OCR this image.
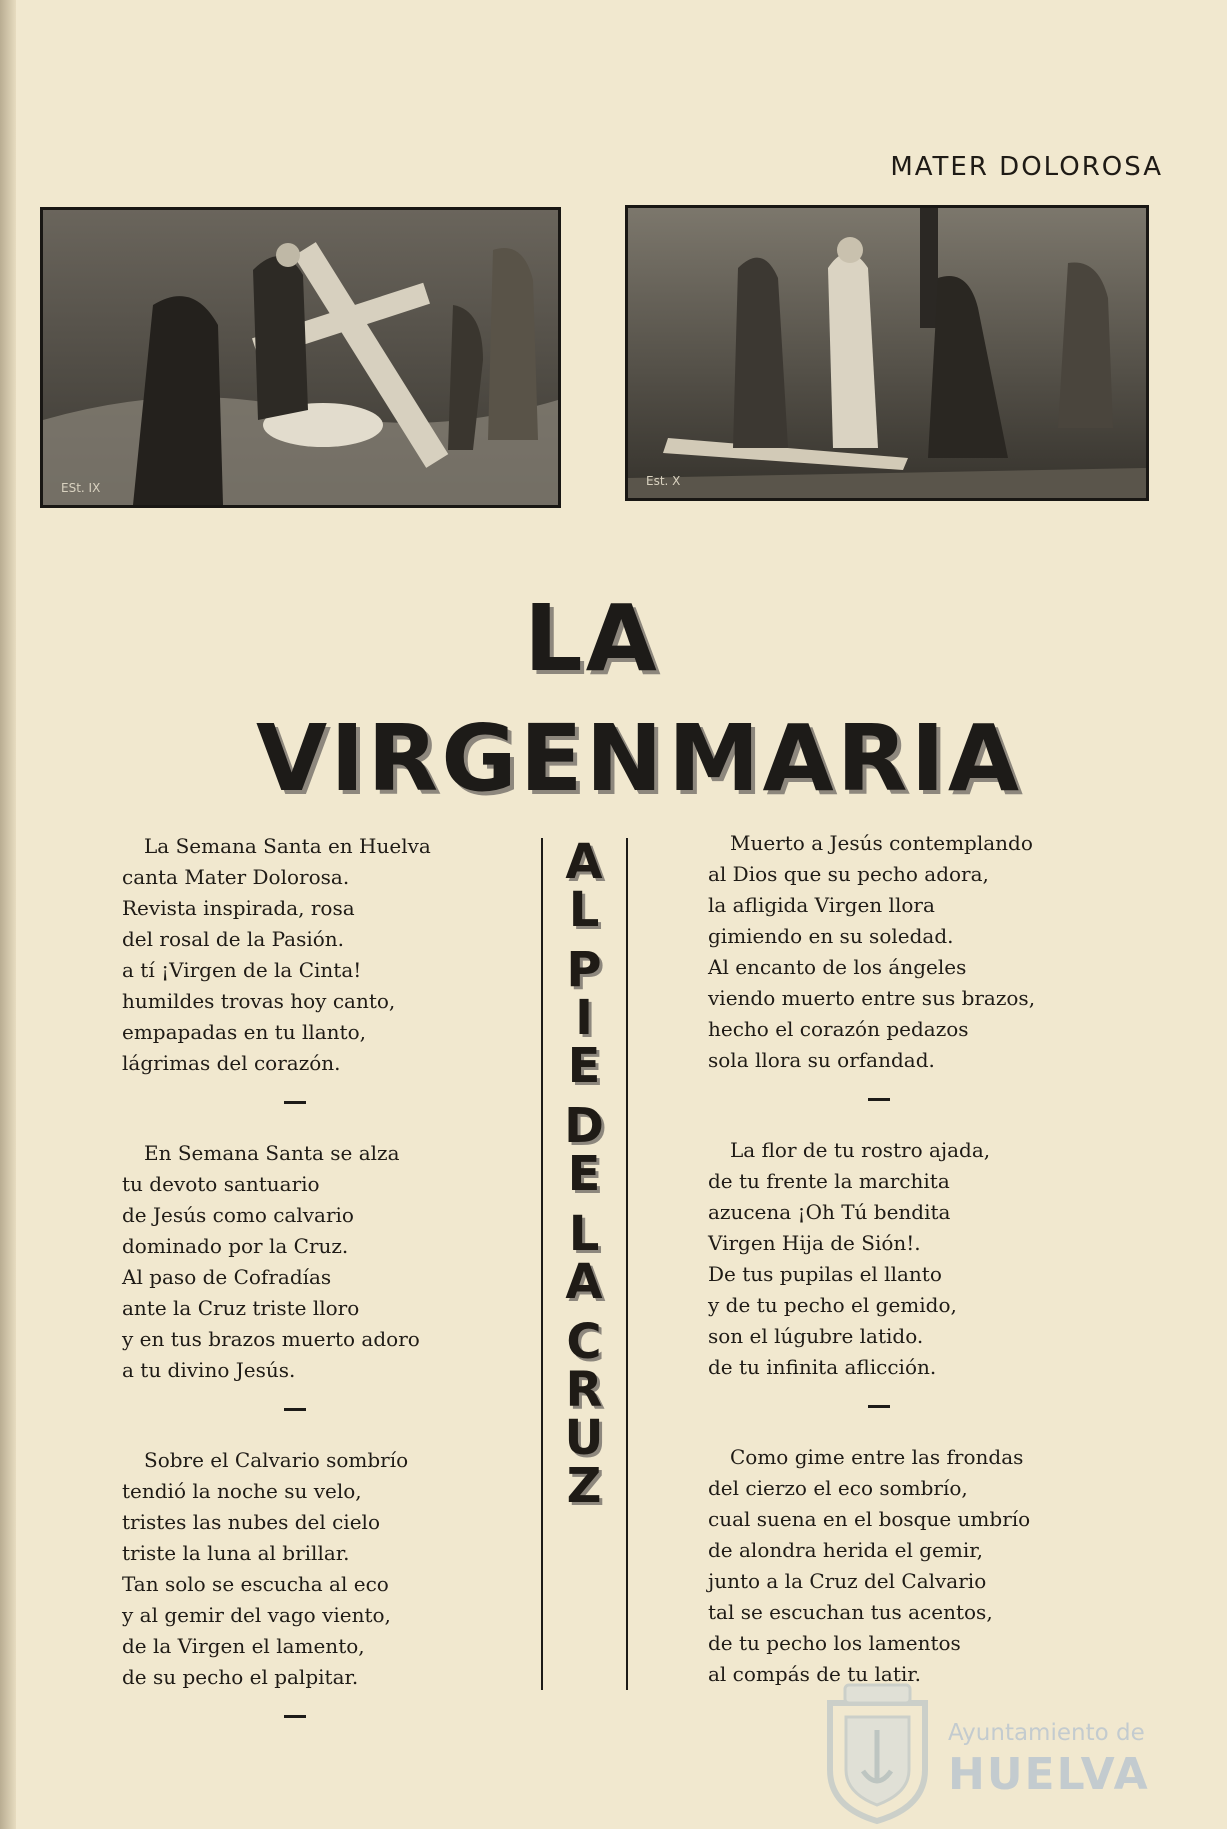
MATER DOLOROSA
ESt. IX	Est. X
LA
VIRGEN MARIA
A
L
P
I
E
D
E
L
A
C
R
U
Z
La Semana Santa en Huelva
canta Mater Dolorosa.
Revista inspirada, rosa
del rosal de la Pasión.
a tí ¡Virgen de la Cinta!
humildes trovas hoy canto,
empapadas en tu llanto,
lágrimas del corazón.
En Semana Santa se alza
tu devoto santuario
de Jesús como calvario
dominado por la Cruz.
Al paso de Cofradías
ante la Cruz triste lloro
y en tus brazos muerto adoro
a tu divino Jesús.
Sobre el Calvario sombrío
tendió la noche su velo,
tristes las nubes del cielo
triste la luna al brillar.
Tan solo se escucha al eco
y al gemir del vago viento,
de la Virgen el lamento,
de su pecho el palpitar.
Muerto a Jesús contemplando
al Dios que su pecho adora,
la afligida Virgen llora
gimiendo en su soledad.
Al encanto de los ángeles
viendo muerto entre sus brazos,
hecho el corazón pedazos
sola llora su orfandad.
La flor de tu rostro ajada,
de tu frente la marchita
azucena ¡Oh Tú bendita
Virgen Hija de Sión!.
De tus pupilas el llanto
y de tu pecho el gemido,
son el lúgubre latido.
de tu infinita aflicción.
Como gime entre las frondas
del cierzo el eco sombrío,
cual suena en el bosque umbrío
de alondra herida el gemir,
junto a la Cruz del Calvario
tal se escuchan tus acentos,
de tu pecho los lamentos
al compás de tu latir.
Ayuntamiento de
HUELVA
